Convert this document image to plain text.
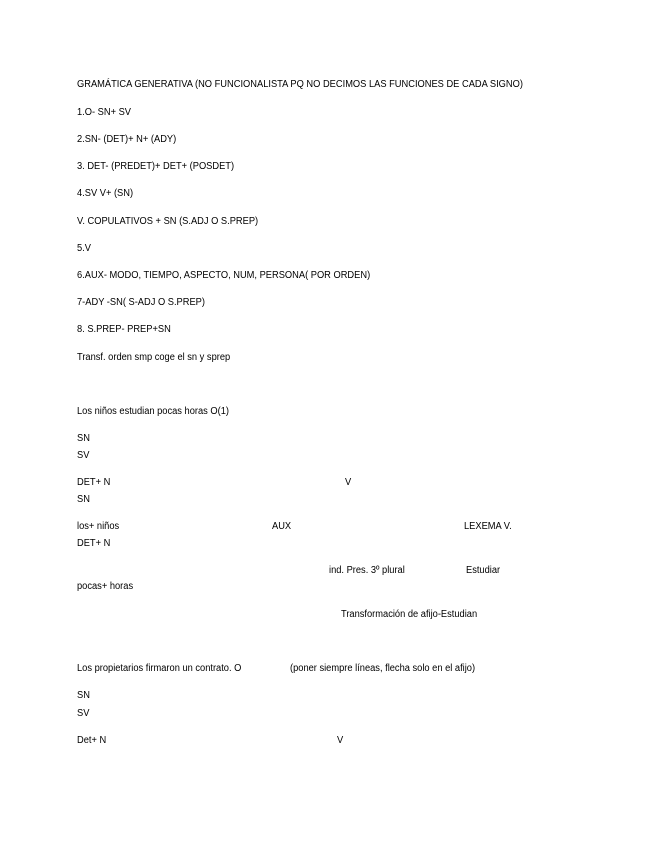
GRAMÁTICA GENERATIVA (NO FUNCIONALISTA PQ NO DECIMOS LAS FUNCIONES DE CADA SIGNO)
1.O- SN+ SV
2.SN- (DET)+ N+ (ADY)
3. DET- (PREDET)+ DET+ (POSDET)
4.SV V+ (SN)
V. COPULATIVOS + SN (S.ADJ O S.PREP)
5.V
6.AUX- MODO, TIEMPO, ASPECTO, NUM, PERSONA( POR ORDEN)
7-ADY -SN( S-ADJ O S.PREP)
8. S.PREP- PREP+SN
Transf. orden smp coge el sn y sprep
Los niños estudian pocas horas O(1)
SN
SV
DET+ N	V
SN
los+ niños	AUX	LEXEMA V.
DET+ N
ind. Pres. 3º plural	Estudiar
pocas+ horas
Transformación de afijo-Estudian
Los propietarios firmaron un contrato. O	(poner siempre líneas, flecha solo en el afijo)
SN
SV
Det+ N	V
